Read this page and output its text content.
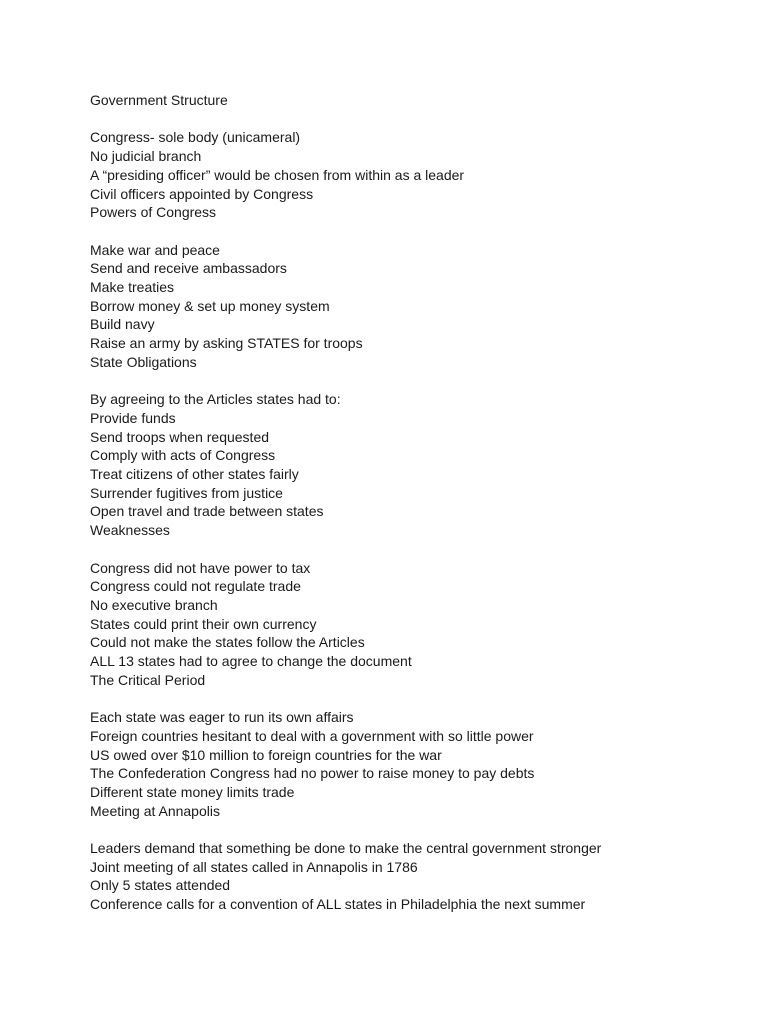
Government Structure
Congress- sole body (unicameral)
No judicial branch
A “presiding officer” would be chosen from within as a leader
Civil officers appointed by Congress
Powers of Congress
Make war and peace
Send and receive ambassadors
Make treaties
Borrow money & set up money system
Build navy
Raise an army by asking STATES for troops
State Obligations
By agreeing to the Articles states had to:
Provide funds
Send troops when requested
Comply with acts of Congress
Treat citizens of other states fairly
Surrender fugitives from justice
Open travel and trade between states
Weaknesses
Congress did not have power to tax
Congress could not regulate trade
No executive branch
States could print their own currency
Could not make the states follow the Articles
ALL 13 states had to agree to change the document
The Critical Period
Each state was eager to run its own affairs
Foreign countries hesitant to deal with a government with so little power
US owed over $10 million to foreign countries for the war
The Confederation Congress had no power to raise money to pay debts
Different state money limits trade
Meeting at Annapolis
Leaders demand that something be done to make the central government stronger
Joint meeting of all states called in Annapolis in 1786
Only 5 states attended
Conference calls for a convention of ALL states in Philadelphia the next summer
